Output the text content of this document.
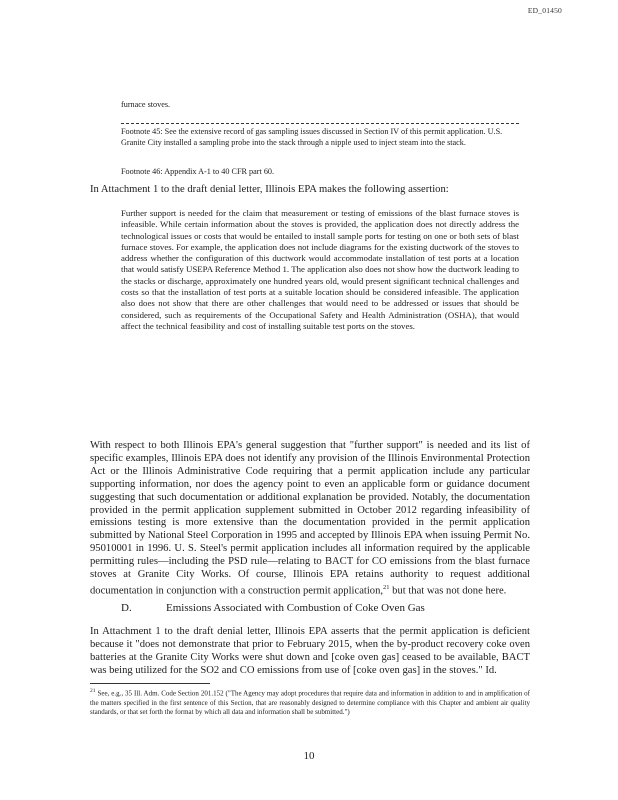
ED_01450

furnace stoves.

Footnote 45: See the extensive record of gas sampling issues discussed in Section IV of this permit application. U.S. Granite City installed a sampling probe into the stack through a nipple used to inject steam into the stack.

Footnote 46: Appendix A-1 to 40 CFR part 60.

In Attachment 1 to the draft denial letter, Illinois EPA makes the following assertion:

Further support is needed for the claim that measurement or testing of emissions of the blast furnace stoves is infeasible. While certain information about the stoves is provided, the application does not directly address the technological issues or costs that would be entailed to install sample ports for testing on one or both sets of blast furnace stoves. For example, the application does not include diagrams for the existing ductwork of the stoves to address whether the configuration of this ductwork would accommodate installation of test ports at a location that would satisfy USEPA Reference Method 1. The application also does not show how the ductwork leading to the stacks or discharge, approximately one hundred years old, would present significant technical challenges and costs so that the installation of test ports at a suitable location should be considered infeasible. The application also does not show that there are other challenges that would need to be addressed or issues that should be considered, such as requirements of the Occupational Safety and Health Administration (OSHA), that would affect the technical feasibility and cost of installing suitable test ports on the stoves.

With respect to both Illinois EPA's general suggestion that "further support" is needed and its list of specific examples, Illinois EPA does not identify any provision of the Illinois Environmental Protection Act or the Illinois Administrative Code requiring that a permit application include any particular supporting information, nor does the agency point to even an applicable form or guidance document suggesting that such documentation or additional explanation be provided. Notably, the documentation provided in the permit application supplement submitted in October 2012 regarding infeasibility of emissions testing is more extensive than the documentation provided in the permit application submitted by National Steel Corporation in 1995 and accepted by Illinois EPA when issuing Permit No. 95010001 in 1996. U. S. Steel's permit application includes all information required by the applicable permitting rules—including the PSD rule—relating to BACT for CO emissions from the blast furnace stoves at Granite City Works. Of course, Illinois EPA retains authority to request additional documentation in conjunction with a construction permit application,$^{21}$ but that was not done here.

D.	Emissions Associated with Combustion of Coke Oven Gas

In Attachment 1 to the draft denial letter, Illinois EPA asserts that the permit application is deficient because it "does not demonstrate that prior to February 2015, when the by-product recovery coke oven batteries at the Granite City Works were shut down and [coke oven gas] ceased to be available, BACT was being utilized for the SO2 and CO emissions from use of [coke oven gas] in the stoves." Id.

$^{21}$ See, e.g., 35 Ill. Adm. Code Section 201.152 ("The Agency may adopt procedures that require data and information in addition to and in amplification of the matters specified in the first sentence of this Section, that are reasonably designed to determine compliance with this Chapter and ambient air quality standards, or that set forth the format by which all data and information shall be submitted.")

10
